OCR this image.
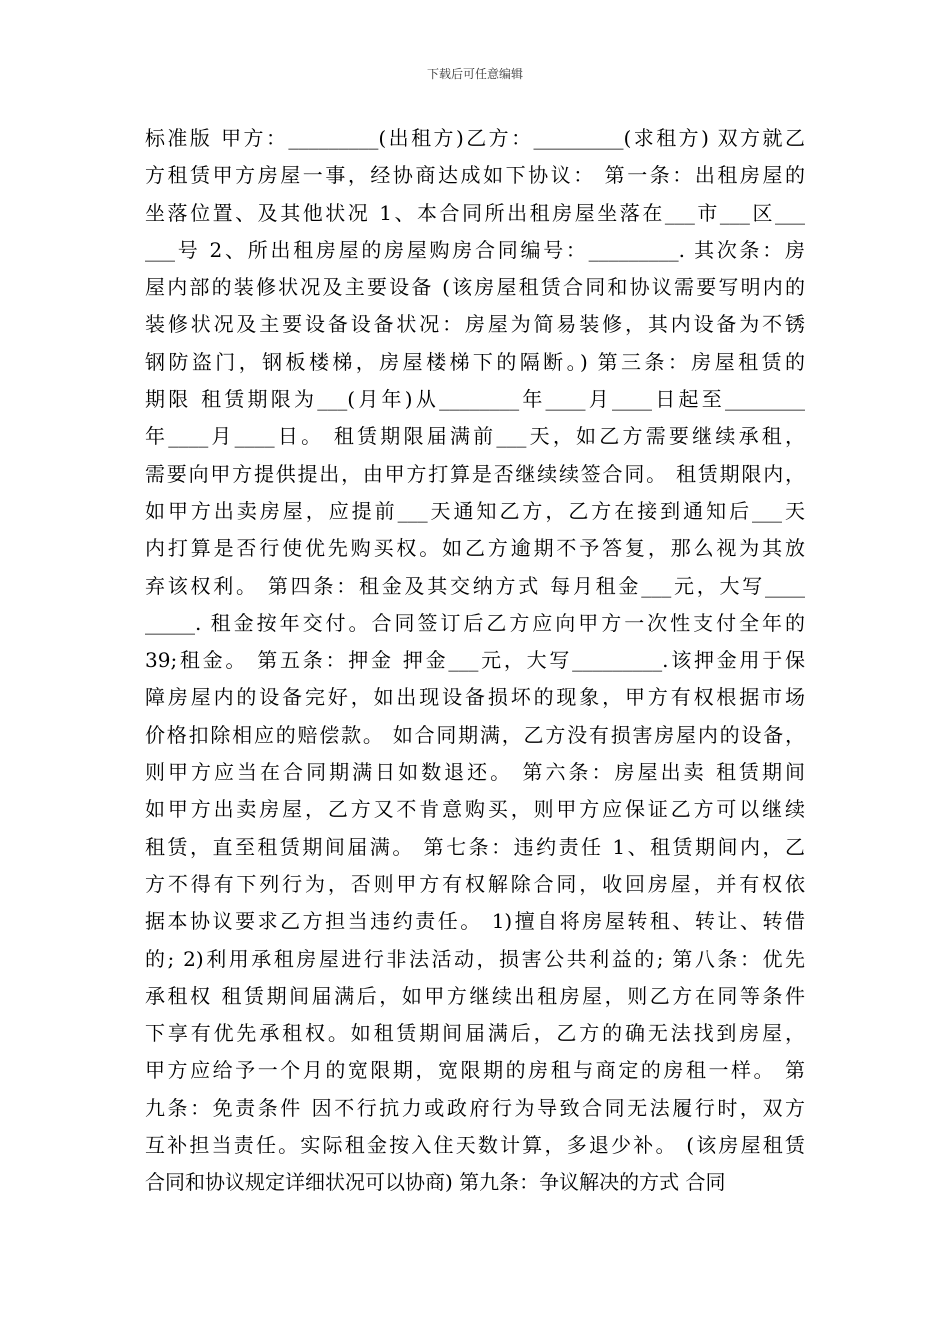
下载后可任意编辑
标准版 甲方：_________(出租方)乙方：_________(求租方) 双方就乙
方租赁甲方房屋一事，经协商达成如下协议： 第一条：出租房屋的
坐落位置、及其他状况 1、本合同所出租房屋坐落在___市___区___
___号 2、所出租房屋的房屋购房合同编号：_________. 其次条：房
屋内部的装修状况及主要设备 (该房屋租赁合同和协议需要写明内的
装修状况及主要设备设备状况：房屋为简易装修，其内设备为不锈
钢防盗门，钢板楼梯，房屋楼梯下的隔断。) 第三条：房屋租赁的
期限 租赁期限为___(月年)从________年____月____日起至________
年____月____日。 租赁期限届满前___天，如乙方需要继续承租，
需要向甲方提供提出，由甲方打算是否继续续签合同。 租赁期限内，
如甲方出卖房屋，应提前___天通知乙方，乙方在接到通知后___天
内打算是否行使优先购买权。如乙方逾期不予答复，那么视为其放
弃该权利。 第四条：租金及其交纳方式 每月租金___元，大写____
_____. 租金按年交付。合同签订后乙方应向甲方一次性支付全年的
39;租金。 第五条：押金 押金___元，大写_________.该押金用于保
障房屋内的设备完好，如出现设备损坏的现象，甲方有权根据市场
价格扣除相应的赔偿款。 如合同期满，乙方没有损害房屋内的设备，
则甲方应当在合同期满日如数退还。 第六条：房屋出卖 租赁期间
如甲方出卖房屋，乙方又不肯意购买，则甲方应保证乙方可以继续
租赁，直至租赁期间届满。 第七条：违约责任 1、租赁期间内，乙
方不得有下列行为，否则甲方有权解除合同，收回房屋，并有权依
据本协议要求乙方担当违约责任。 1)擅自将房屋转租、转让、转借
的; 2)利用承租房屋进行非法活动，损害公共利益的; 第八条：优先
承租权 租赁期间届满后，如甲方继续出租房屋，则乙方在同等条件
下享有优先承租权。如租赁期间届满后，乙方的确无法找到房屋，
甲方应给予一个月的宽限期，宽限期的房租与商定的房租一样。 第
九条：免责条件 因不行抗力或政府行为导致合同无法履行时，双方
互补担当责任。实际租金按入住天数计算，多退少补。 (该房屋租赁
合同和协议规定详细状况可以协商) 第九条：争议解决的方式 合同
